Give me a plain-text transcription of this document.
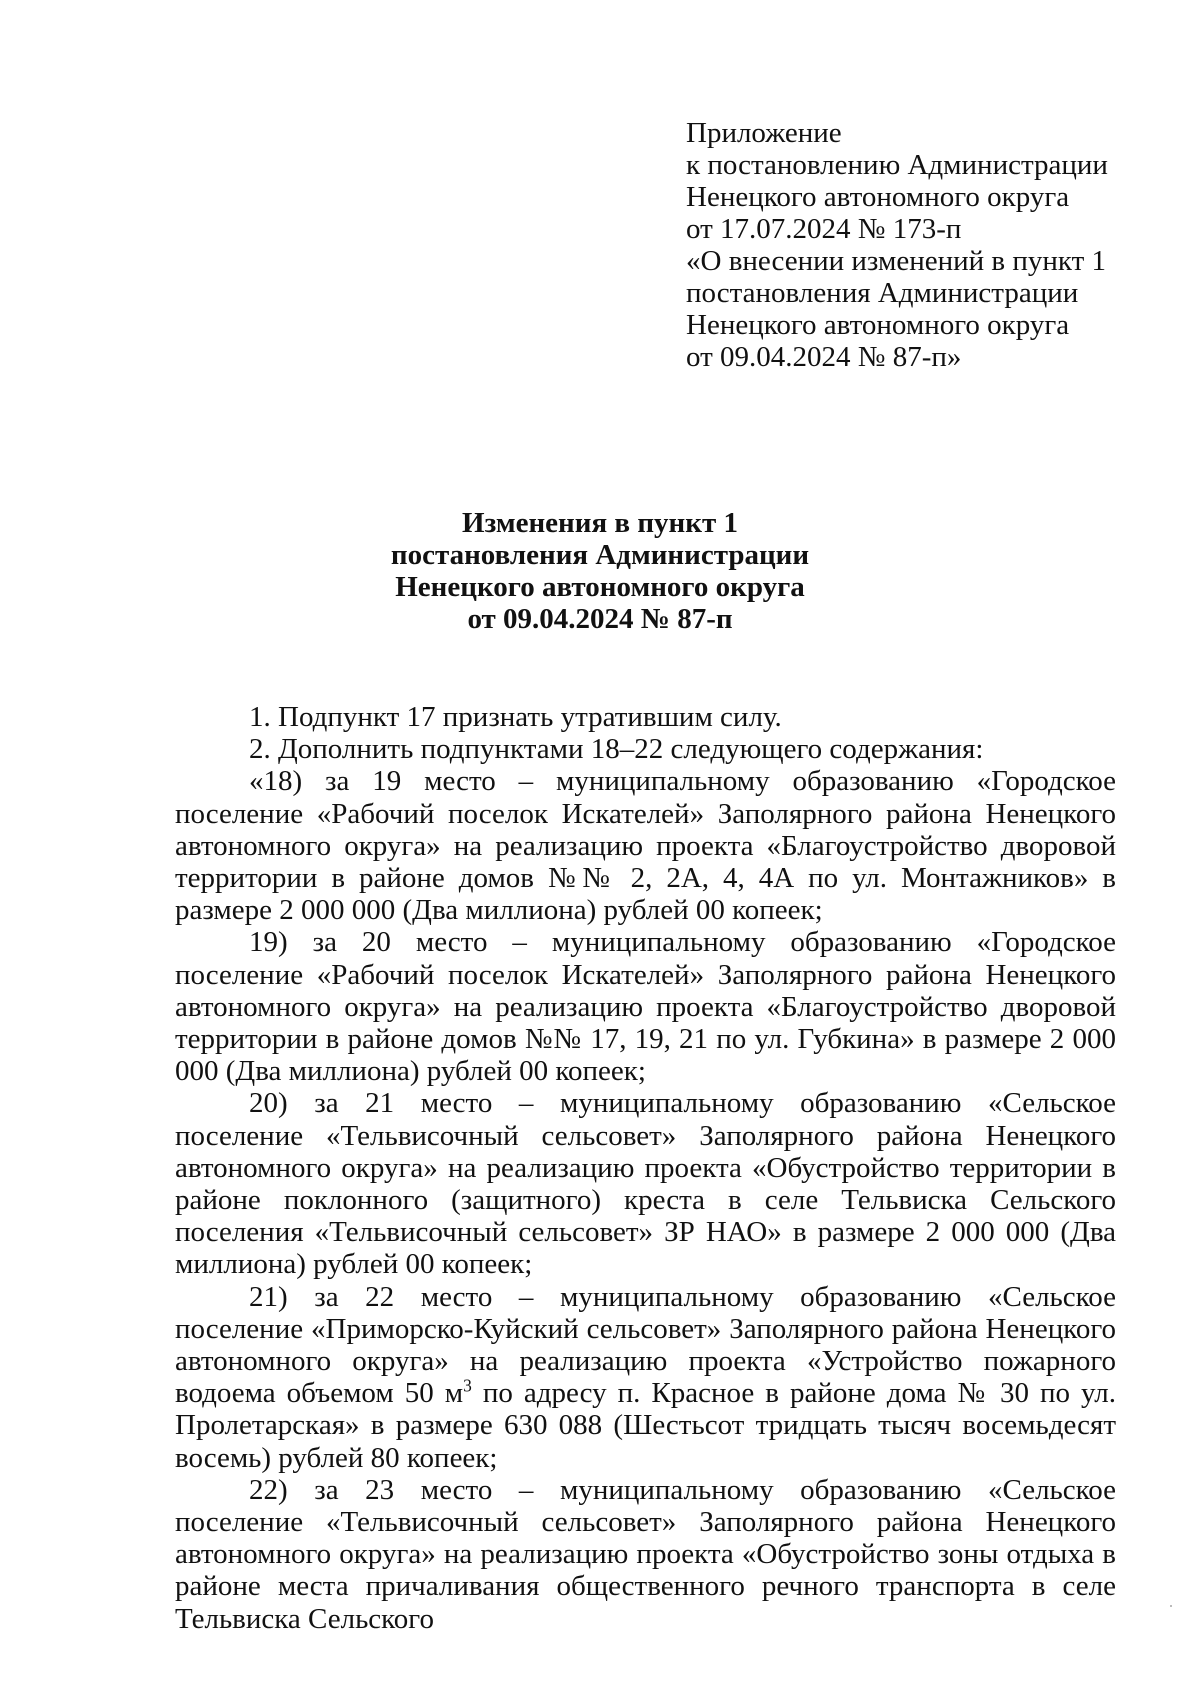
Приложение
к постановлению Администрации
Ненецкого автономного округа
от 17.07.2024 № 173-п
«О внесении изменений в пункт 1
постановления Администрации
Ненецкого автономного округа
от 09.04.2024 № 87-п»
Изменения в пункт 1
постановления Администрации
Ненецкого автономного округа
от 09.04.2024 № 87-п
1. Подпункт 17 признать утратившим силу.
2. Дополнить подпунктами 18–22 следующего содержания:
«18) за 19 место – муниципальному образованию «Городское поселение «Рабочий поселок Искателей» Заполярного района Ненецкого автономного округа» на реализацию проекта «Благоустройство дворовой территории в районе домов №№ 2, 2А, 4, 4А по ул. Монтажников» в размере 2 000 000 (Два миллиона) рублей 00 копеек;
19) за 20 место – муниципальному образованию «Городское поселение «Рабочий поселок Искателей» Заполярного района Ненецкого автономного округа» на реализацию проекта «Благоустройство дворовой территории в районе домов №№ 17, 19, 21 по ул. Губкина» в размере 2 000 000 (Два миллиона) рублей 00 копеек;
20) за 21 место – муниципальному образованию «Сельское поселение «Тельвисочный сельсовет» Заполярного района Ненецкого автономного округа» на реализацию проекта «Обустройство территории в районе поклонного (защитного) креста в селе Тельвиска Сельского поселения «Тельвисочный сельсовет» ЗР НАО» в размере 2 000 000 (Два миллиона) рублей 00 копеек;
21) за 22 место – муниципальному образованию «Сельское поселение «Приморско-Куйский сельсовет» Заполярного района Ненецкого автономного округа» на реализацию проекта «Устройство пожарного водоема объемом 50 $м^3$ по адресу п. Красное в районе дома № 30 по ул. Пролетарская» в размере 630 088 (Шестьсот тридцать тысяч восемьдесят восемь) рублей 80 копеек;
22) за 23 место – муниципальному образованию «Сельское поселение «Тельвисочный сельсовет» Заполярного района Ненецкого автономного округа» на реализацию проекта «Обустройство зоны отдыха в районе места причаливания общественного речного транспорта в селе Тельвиска Сельского
